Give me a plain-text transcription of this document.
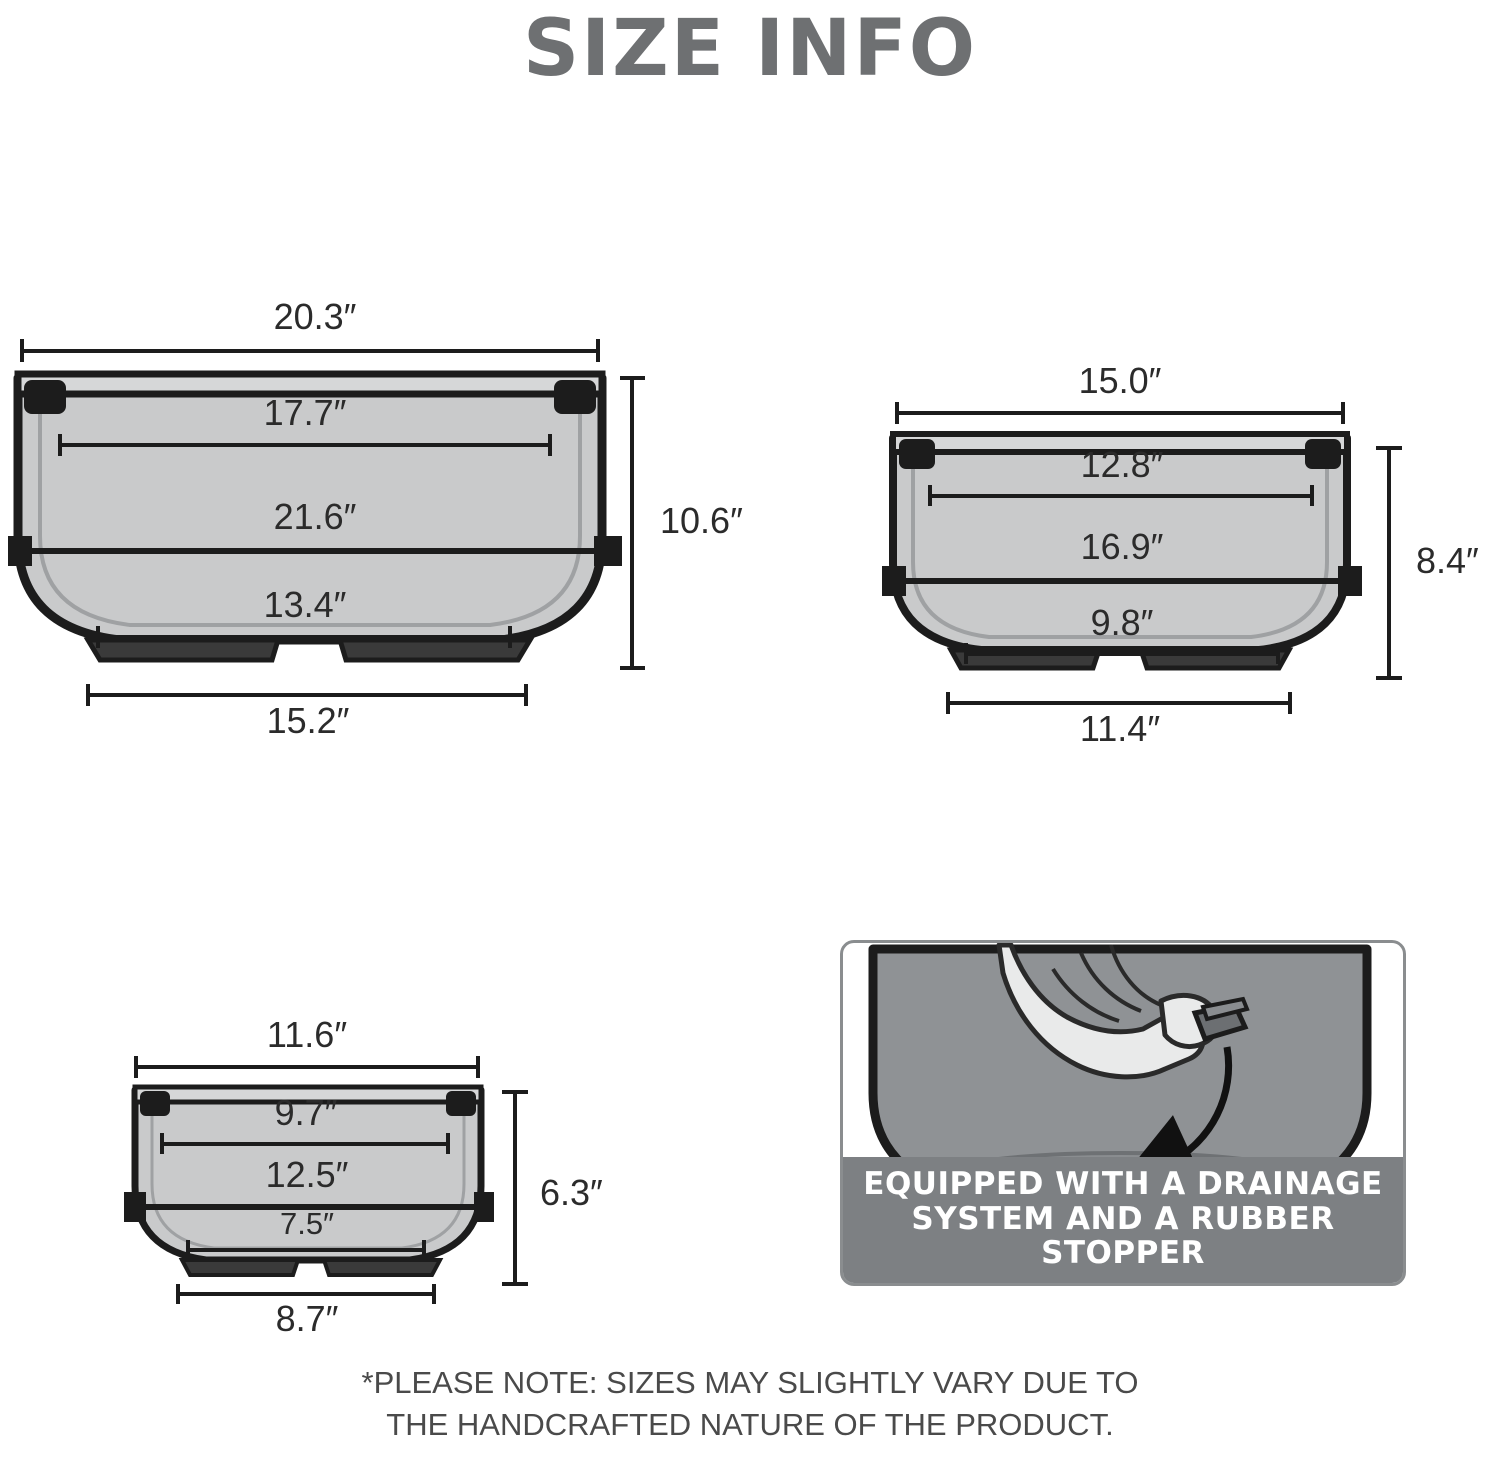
SIZE INFO
20.3″
17.7″
21.6″
13.4″
15.2″
10.6″
15.0″
12.8″
16.9″
9.8″
11.4″
8.4″
11.6″
9.7″
12.5″
7.5″
8.7″
6.3″	EQUIPPED WITH A DRAINAGE
SYSTEM AND A RUBBER STOPPER
*PLEASE NOTE: SIZES MAY SLIGHTLY VARY DUE TO
THE HANDCRAFTED NATURE OF THE PRODUCT.
